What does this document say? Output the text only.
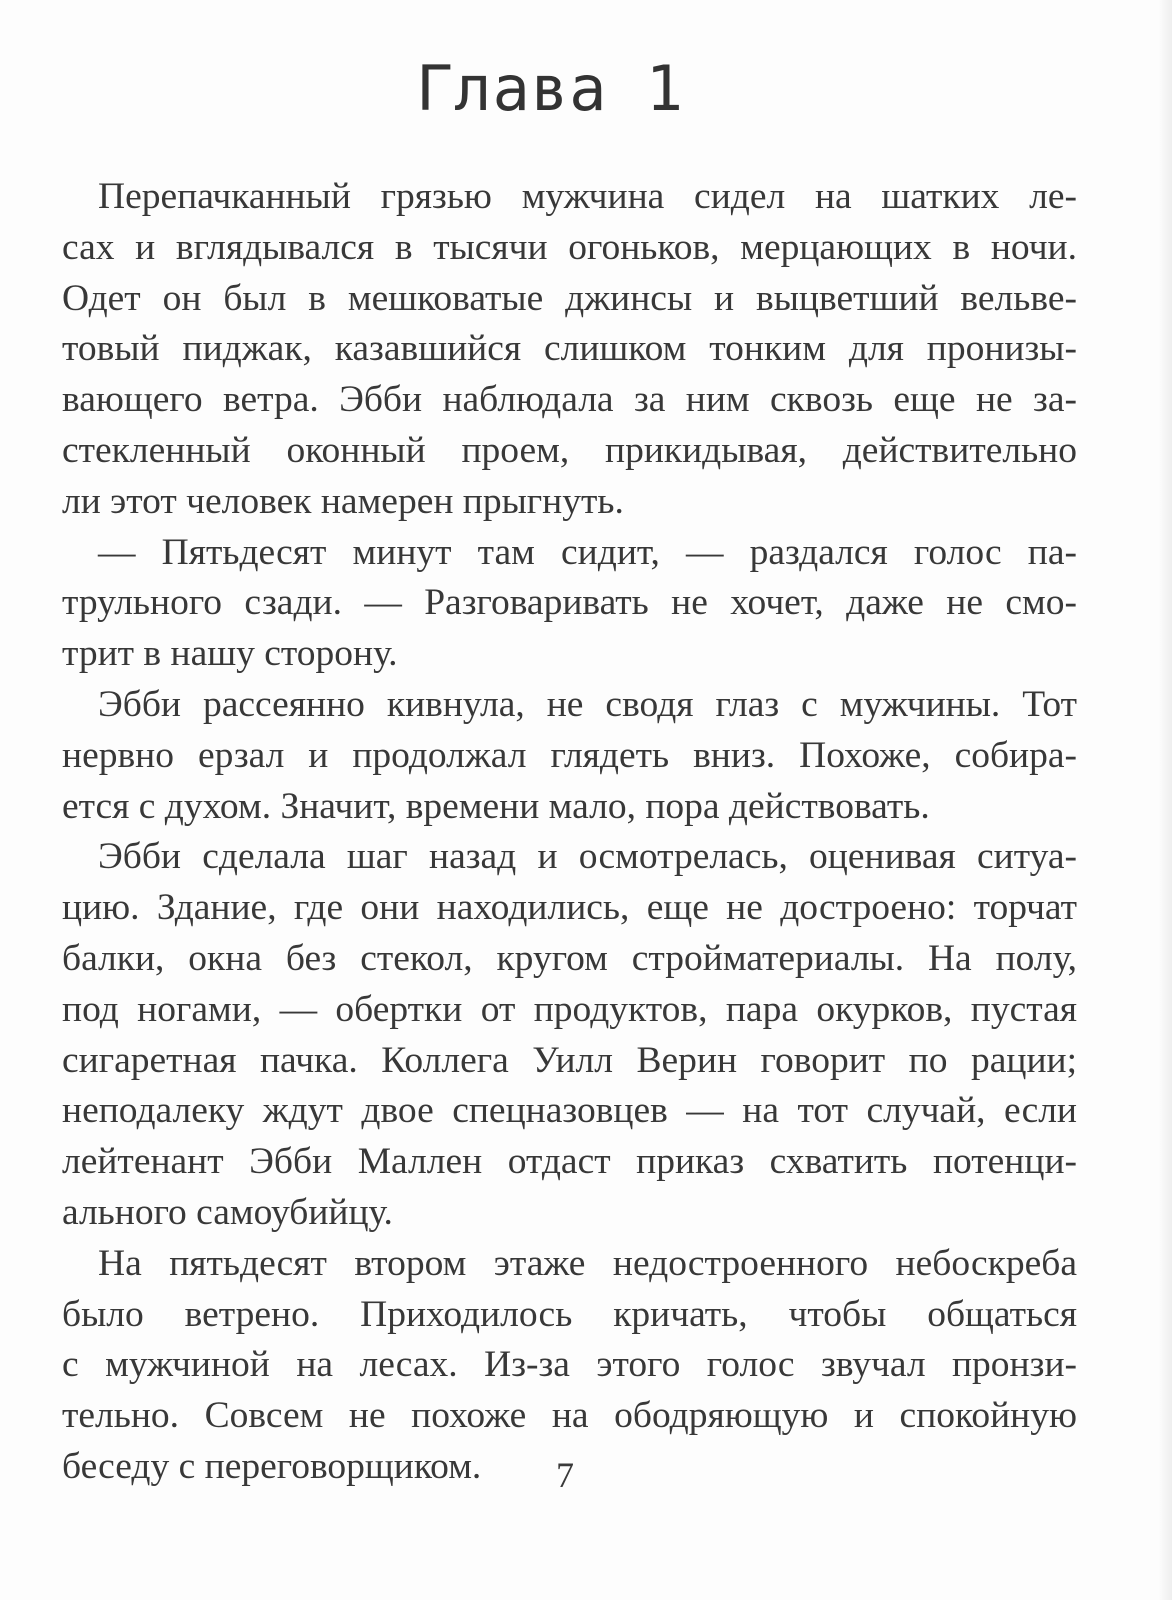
Глава 1
Перепачканный грязью мужчина сидел на шатких ле-
сах и вглядывался в тысячи огоньков, мерцающих в ночи.
Одет он был в мешковатые джинсы и выцветший вельве-
товый пиджак, казавшийся слишком тонким для пронизы-
вающего ветра. Эбби наблюдала за ним сквозь еще не за-
стекленный оконный проем, прикидывая, действительно
ли этот человек намерен прыгнуть.
— Пятьдесят минут там сидит, — раздался голос па-
трульного сзади. — Разговаривать не хочет, даже не смо-
трит в нашу сторону.
Эбби рассеянно кивнула, не сводя глаз с мужчины. Тот
нервно ерзал и продолжал глядеть вниз. Похоже, собира-
ется с духом. Значит, времени мало, пора действовать.
Эбби сделала шаг назад и осмотрелась, оценивая ситуа-
цию. Здание, где они находились, еще не достроено: торчат
балки, окна без стекол, кругом стройматериалы. На полу,
под ногами, — обертки от продуктов, пара окурков, пустая
сигаретная пачка. Коллега Уилл Верин говорит по рации;
неподалеку ждут двое спецназовцев — на тот случай, если
лейтенант Эбби Маллен отдаст приказ схватить потенци-
ального самоубийцу.
На пятьдесят втором этаже недостроенного небоскреба
было ветрено. Приходилось кричать, чтобы общаться
с мужчиной на лесах. Из-за этого голос звучал пронзи-
тельно. Совсем не похоже на ободряющую и спокойную
беседу с переговорщиком.	7
